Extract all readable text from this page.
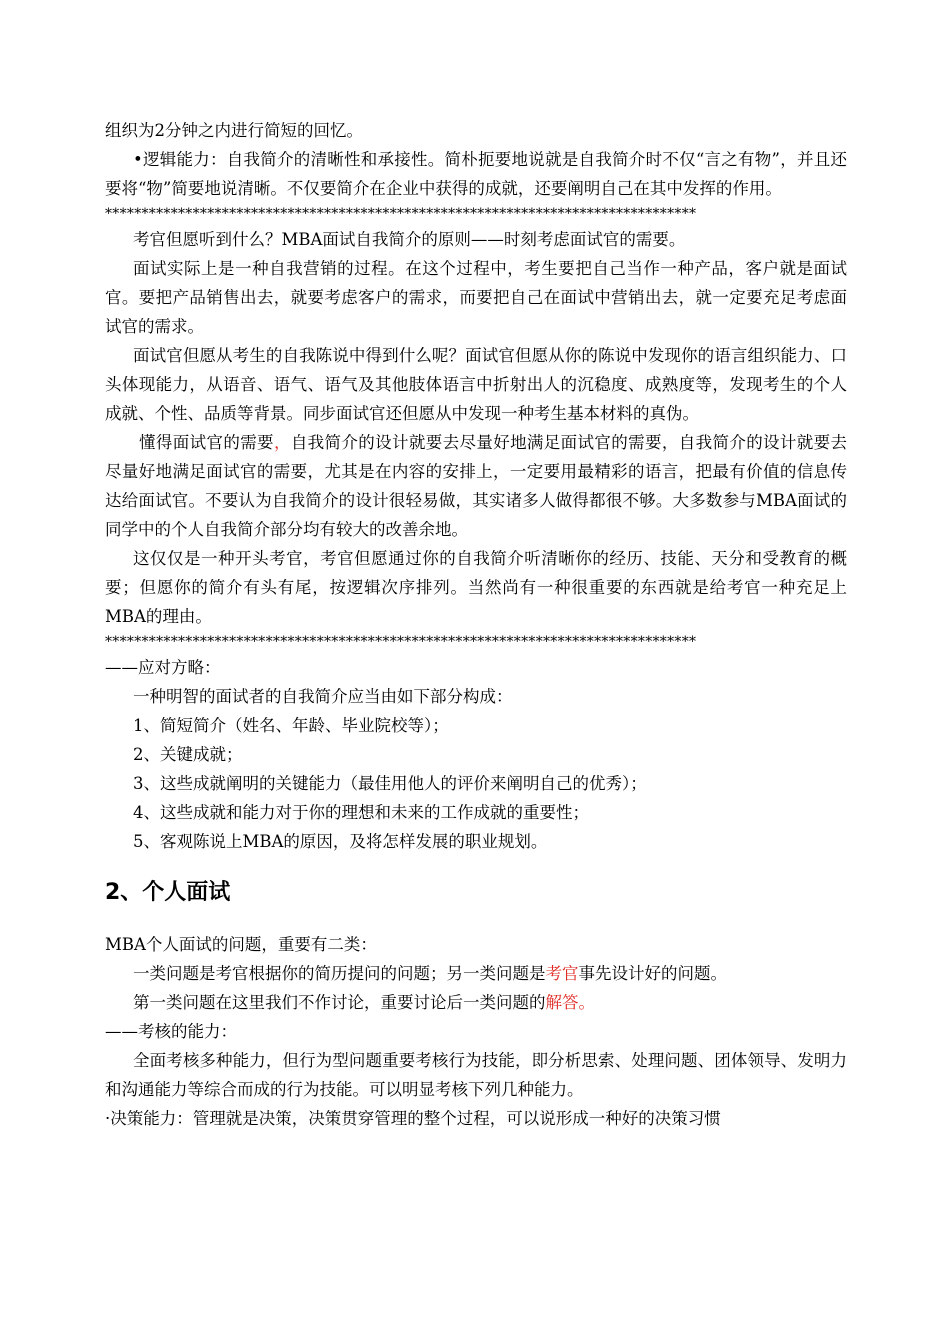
组织为2分钟之内进行简短的回忆。

•逻辑能力：自我简介的清晰性和承接性。简朴扼要地说就是自我简介时不仅“言之有物”，并且还要将“物”简要地说清晰。不仅要简介在企业中获得的成就，还要阐明自己在其中发挥的作用。

*********************************************************************************

考官但愿听到什么？MBA面试自我简介的原则——时刻考虑面试官的需要。

面试实际上是一种自我营销的过程。在这个过程中，考生要把自己当作一种产品，客户就是面试官。要把产品销售出去，就要考虑客户的需求，而要把自己在面试中营销出去，就一定要充足考虑面试官的需求。

面试官但愿从考生的自我陈说中得到什么呢？面试官但愿从你的陈说中发现你的语言组织能力、口头体现能力，从语音、语气、语气及其他肢体语言中折射出人的沉稳度、成熟度等，发现考生的个人成就、个性、品质等背景。同步面试官还但愿从中发现一种考生基本材料的真伪。

懂得面试官的需要，自我简介的设计就要去尽量好地满足面试官的需要，自我简介的设计就要去尽量好地满足面试官的需要，尤其是在内容的安排上，一定要用最精彩的语言，把最有价值的信息传达给面试官。不要认为自我简介的设计很轻易做，其实诸多人做得都很不够。大多数参与MBA面试的同学中的个人自我简介部分均有较大的改善余地。

这仅仅是一种开头考官，考官但愿通过你的自我简介听清晰你的经历、技能、天分和受教育的概要；但愿你的简介有头有尾，按逻辑次序排列。当然尚有一种很重要的东西就是给考官一种充足上MBA的理由。

*********************************************************************************

——应对方略：

一种明智的面试者的自我简介应当由如下部分构成：

1、简短简介（姓名、年龄、毕业院校等）；

2、关键成就；

3、这些成就阐明的关键能力（最佳用他人的评价来阐明自己的优秀）；

4、这些成就和能力对于你的理想和未来的工作成就的重要性；

5、客观陈说上MBA的原因，及将怎样发展的职业规划。

2、个人面试

MBA个人面试的问题，重要有二类：

一类问题是考官根据你的简历提问的问题；另一类问题是考官事先设计好的问题。

第一类问题在这里我们不作讨论，重要讨论后一类问题的解答。

——考核的能力：

全面考核多种能力，但行为型问题重要考核行为技能，即分析思索、处理问题、团体领导、发明力和沟通能力等综合而成的行为技能。可以明显考核下列几种能力。

·决策能力：管理就是决策，决策贯穿管理的整个过程，可以说形成一种好的决策习惯
